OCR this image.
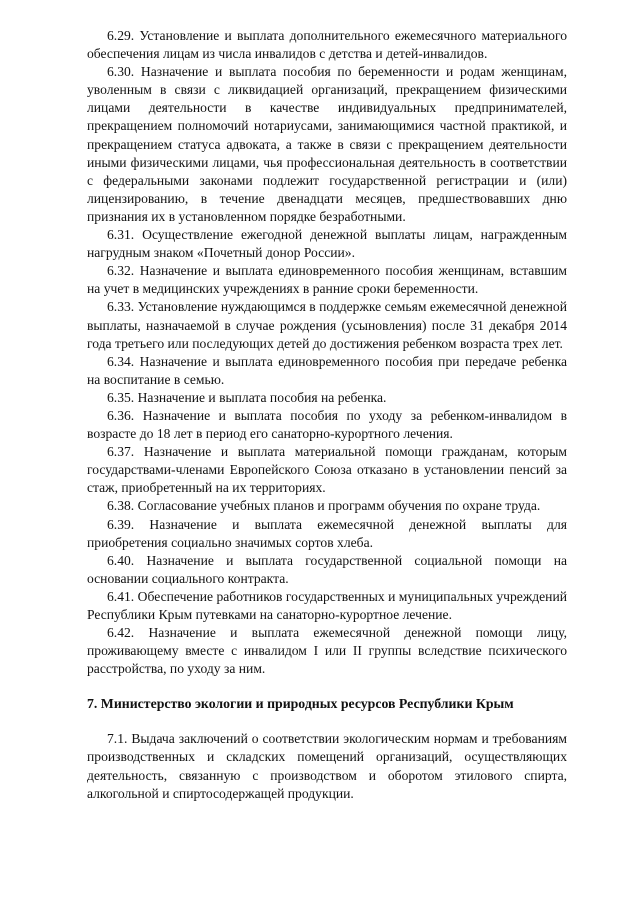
6.29. Установление и выплата дополнительного ежемесячного материального обеспечения лицам из числа инвалидов с детства и детей-инвалидов.

6.30. Назначение и выплата пособия по беременности и родам женщинам, уволенным в связи с ликвидацией организаций, прекращением физическими лицами деятельности в качестве индивидуальных предпринимателей, прекращением полномочий нотариусами, занимающимися частной практикой, и прекращением статуса адвоката, а также в связи с прекращением деятельности иными физическими лицами, чья профессиональная деятельность в соответствии с федеральными законами подлежит государственной регистрации и (или) лицензированию, в течение двенадцати месяцев, предшествовавших дню признания их в установленном порядке безработными.

6.31. Осуществление ежегодной денежной выплаты лицам, награжденным нагрудным знаком «Почетный донор России».

6.32. Назначение и выплата единовременного пособия женщинам, вставшим на учет в медицинских учреждениях в ранние сроки беременности.

6.33. Установление нуждающимся в поддержке семьям ежемесячной денежной выплаты, назначаемой в случае рождения (усыновления) после 31 декабря 2014 года третьего или последующих детей до достижения ребенком возраста трех лет.

6.34. Назначение и выплата единовременного пособия при передаче ребенка на воспитание в семью.

6.35. Назначение и выплата пособия на ребенка.

6.36. Назначение и выплата пособия по уходу за ребенком-инвалидом в возрасте до 18 лет в период его санаторно-курортного лечения.

6.37. Назначение и выплата материальной помощи гражданам, которым государствами-членами Европейского Союза отказано в установлении пенсий за стаж, приобретенный на их территориях.

6.38. Согласование учебных планов и программ обучения по охране труда.

6.39. Назначение и выплата ежемесячной денежной выплаты для приобретения социально значимых сортов хлеба.

6.40. Назначение и выплата государственной социальной помощи на основании социального контракта.

6.41. Обеспечение работников государственных и муниципальных учреждений Республики Крым путевками на санаторно-курортное лечение.

6.42. Назначение и выплата ежемесячной денежной помощи лицу, проживающему вместе с инвалидом I или II группы вследствие психического расстройства, по уходу за ним.

7. Министерство экологии и природных ресурсов Республики Крым

7.1. Выдача заключений о соответствии экологическим нормам и требованиям производственных и складских помещений организаций, осуществляющих деятельность, связанную с производством и оборотом этилового спирта, алкогольной и спиртосодержащей продукции.
